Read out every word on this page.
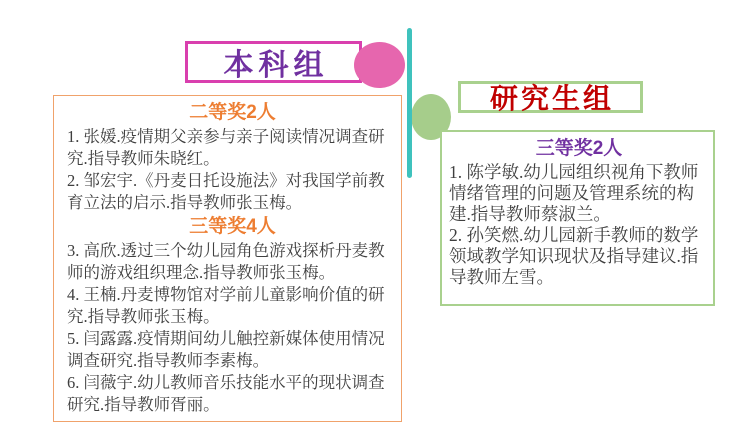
本科组
二等奖2人

1. 张媛.疫情期父亲参与亲子阅读情况调查研究.指导教师朱晓红。

2. 邹宏宇.《丹麦日托设施法》对我国学前教育立法的启示.指导教师张玉梅。

三等奖4人

3. 高欣.透过三个幼儿园角色游戏探析丹麦教师的游戏组织理念.指导教师张玉梅。

4. 王楠.丹麦博物馆对学前儿童影响价值的研究.指导教师张玉梅。

5. 闫露露.疫情期间幼儿触控新媒体使用情况调查研究.指导教师李素梅。

6. 闫薇宇.幼儿教师音乐技能水平的现状调查研究.指导教师胥丽。

研究生组
三等奖2人

1. 陈学敏.幼儿园组织视角下教师情绪管理的问题及管理系统的构建.指导教师蔡淑兰。

2. 孙笑燃.幼儿园新手教师的数学领域教学知识现状及指导建议.指导教师左雪。
